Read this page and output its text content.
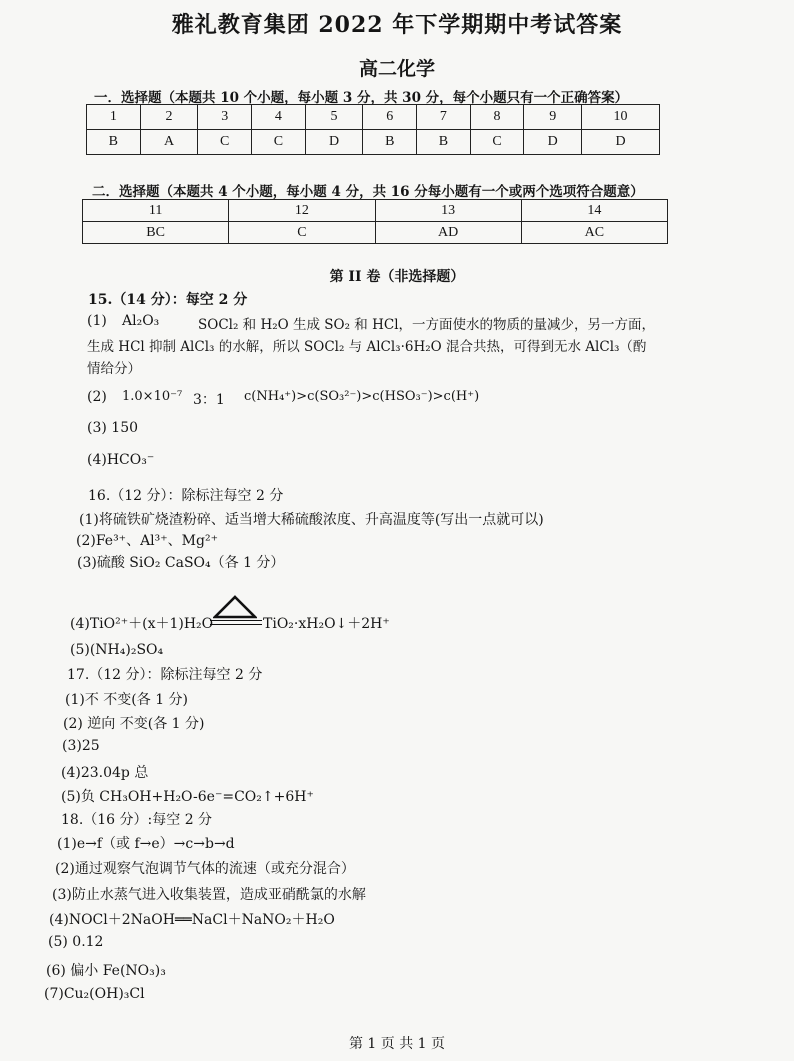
雅礼教育集团 2022 年下学期期中考试答案
高二化学
一．选择题（本题共 10 个小题，每小题 3 分，共 30 分，每个小题只有一个正确答案）
1	2	3	4	5	6	7	8	9	10
B	A	C	C	D	B	B	C	D	D
二．选择题（本题共 4 个小题，每小题 4 分，共 16 分每小题有一个或两个选项符合题意）
11	12	13	14
BC	C	AD	AC
第 II 卷（非选择题）
15.（14 分）：每空 2 分
(1) Al₂O₃	SOCl₂ 和 H₂O 生成 SO₂ 和 HCl，一方面使水的物质的量减少，另一方面，
生成 HCl 抑制 AlCl₃ 的水解，所以 SOCl₂ 与 AlCl₃·6H₂O 混合共热，可得到无水 AlCl₃（酌
情给分）
(2) 1.0×10⁻⁷ 3：1 c(NH₄⁺)>c(SO₃²⁻)>c(HSO₃⁻)>c(H⁺)
(3) 150
(4)HCO₃⁻
16.（12 分）：除标注每空 2 分
(1)将硫铁矿烧渣粉碎、适当增大稀硫酸浓度、升高温度等(写出一点就可以)
(2)Fe³⁺、Al³⁺、Mg²⁺
(3)硫酸 SiO₂ CaSO₄（各 1 分）
(4)TiO²⁺＋(x＋1)H₂O	TiO₂·xH₂O↓＋2H⁺
(5)(NH₄)₂SO₄
17.（12 分）：除标注每空 2 分
(1)不 不变(各 1 分)
(2) 逆向 不变(各 1 分)
(3)25
(4)23.04p 总
(5)负 CH₃OH+H₂O-6e⁻=CO₂↑+6H⁺
18.（16 分）:每空 2 分
(1)e→f（或 f→e）→c→b→d
(2)通过观察气泡调节气体的流速（或充分混合）
(3)防止水蒸气进入收集装置，造成亚硝酰氯的水解
(4)NOCl＋2NaOH══NaCl＋NaNO₂＋H₂O
(5) 0.12
(6) 偏小 Fe(NO₃)₃
(7)Cu₂(OH)₃Cl
第 1 页 共 1 页
